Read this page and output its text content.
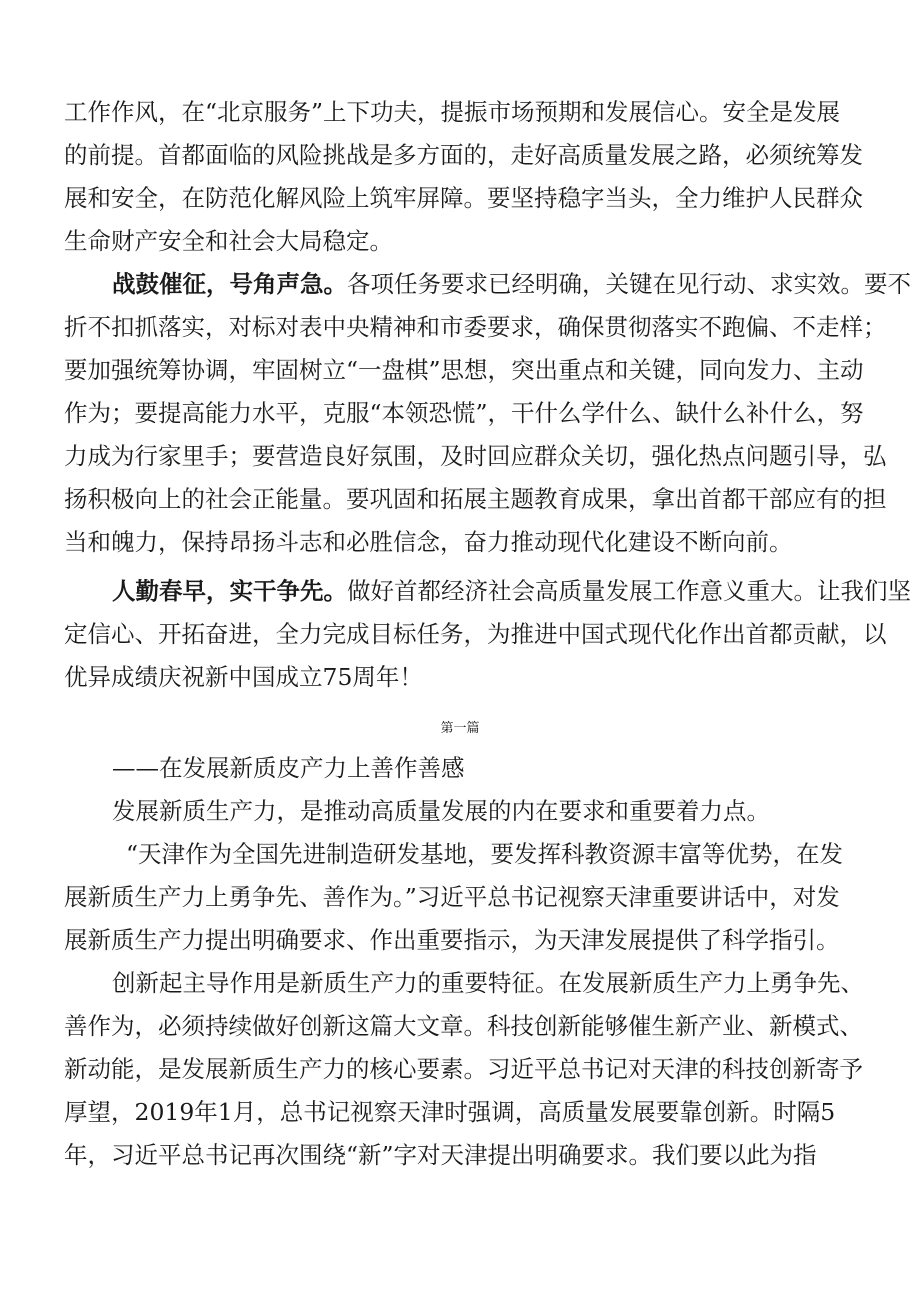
工作作风，在“北京服务”上下功夫，提振市场预期和发展信心。安全是发展
的前提。首都面临的风险挑战是多方面的，走好高质量发展之路，必须统筹发
展和安全，在防范化解风险上筑牢屏障。要坚持稳字当头，全力维护人民群众
生命财产安全和社会大局稳定。
战鼓催征，号角声急。各项任务要求已经明确，关键在见行动、求实效。要不
折不扣抓落实，对标对表中央精神和市委要求，确保贯彻落实不跑偏、不走样；
要加强统筹协调，牢固树立“一盘棋”思想，突出重点和关键，同向发力、主动
作为；要提高能力水平，克服“本领恐慌”，干什么学什么、缺什么补什么，努
力成为行家里手；要营造良好氛围，及时回应群众关切，强化热点问题引导，弘
扬积极向上的社会正能量。要巩固和拓展主题教育成果，拿出首都干部应有的担
当和魄力，保持昂扬斗志和必胜信念，奋力推动现代化建设不断向前。
人勤春早，实干争先。做好首都经济社会高质量发展工作意义重大。让我们坚
定信心、开拓奋进，全力完成目标任务，为推进中国式现代化作出首都贡献，以
优异成绩庆祝新中国成立75周年！
第一篇
——在发展新质皮产力上善作善感
发展新质生产力，是推动高质量发展的内在要求和重要着力点。
“天津作为全国先进制造研发基地，要发挥科教资源丰富等优势，在发
展新质生产力上勇争先、善作为。”习近平总书记视察天津重要讲话中，对发
展新质生产力提出明确要求、作出重要指示，为天津发展提供了科学指引。
创新起主导作用是新质生产力的重要特征。在发展新质生产力上勇争先、
善作为，必须持续做好创新这篇大文章。科技创新能够催生新产业、新模式、
新动能，是发展新质生产力的核心要素。习近平总书记对天津的科技创新寄予
厚望，2019年1月，总书记视察天津时强调，高质量发展要靠创新。时隔5
年，习近平总书记再次围绕“新”字对天津提出明确要求。我们要以此为指
